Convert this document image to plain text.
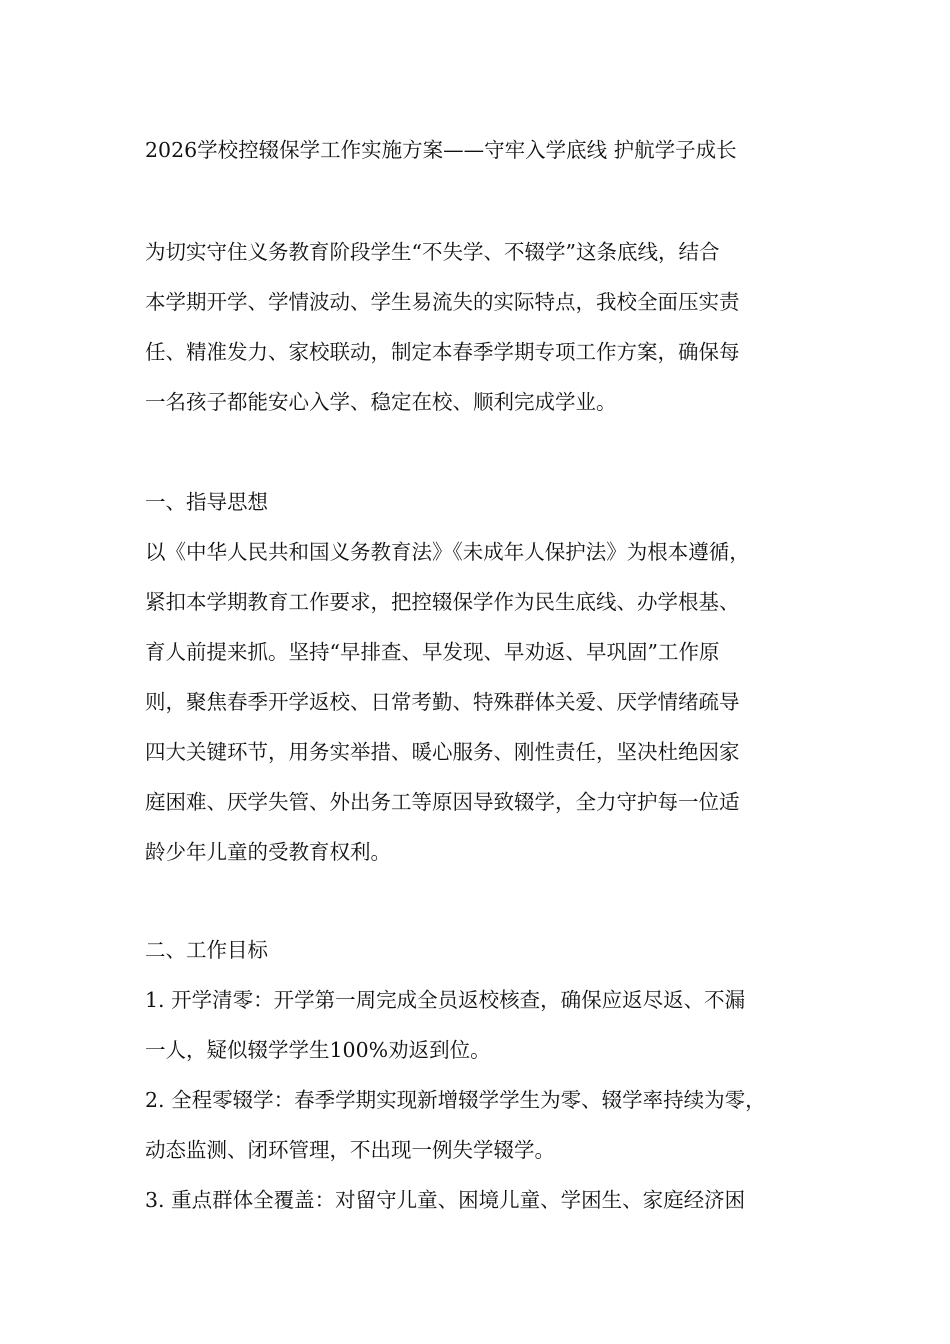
2026学校控辍保学工作实施方案——守牢入学底线 护航学子成长
为切实守住义务教育阶段学生“不失学、不辍学”这条底线，结合
本学期开学、学情波动、学生易流失的实际特点，我校全面压实责
任、精准发力、家校联动，制定本春季学期专项工作方案，确保每
一名孩子都能安心入学、稳定在校、顺利完成学业。
一、指导思想
以《中华人民共和国义务教育法》《未成年人保护法》为根本遵循，
紧扣本学期教育工作要求，把控辍保学作为民生底线、办学根基、
育人前提来抓。坚持“早排查、早发现、早劝返、早巩固”工作原
则，聚焦春季开学返校、日常考勤、特殊群体关爱、厌学情绪疏导
四大关键环节，用务实举措、暖心服务、刚性责任，坚决杜绝因家
庭困难、厌学失管、外出务工等原因导致辍学，全力守护每一位适
龄少年儿童的受教育权利。
二、工作目标
1. 开学清零：开学第一周完成全员返校核查，确保应返尽返、不漏
一人，疑似辍学学生100%劝返到位。
2. 全程零辍学：春季学期实现新增辍学学生为零、辍学率持续为零，
动态监测、闭环管理，不出现一例失学辍学。
3. 重点群体全覆盖：对留守儿童、困境儿童、学困生、家庭经济困
